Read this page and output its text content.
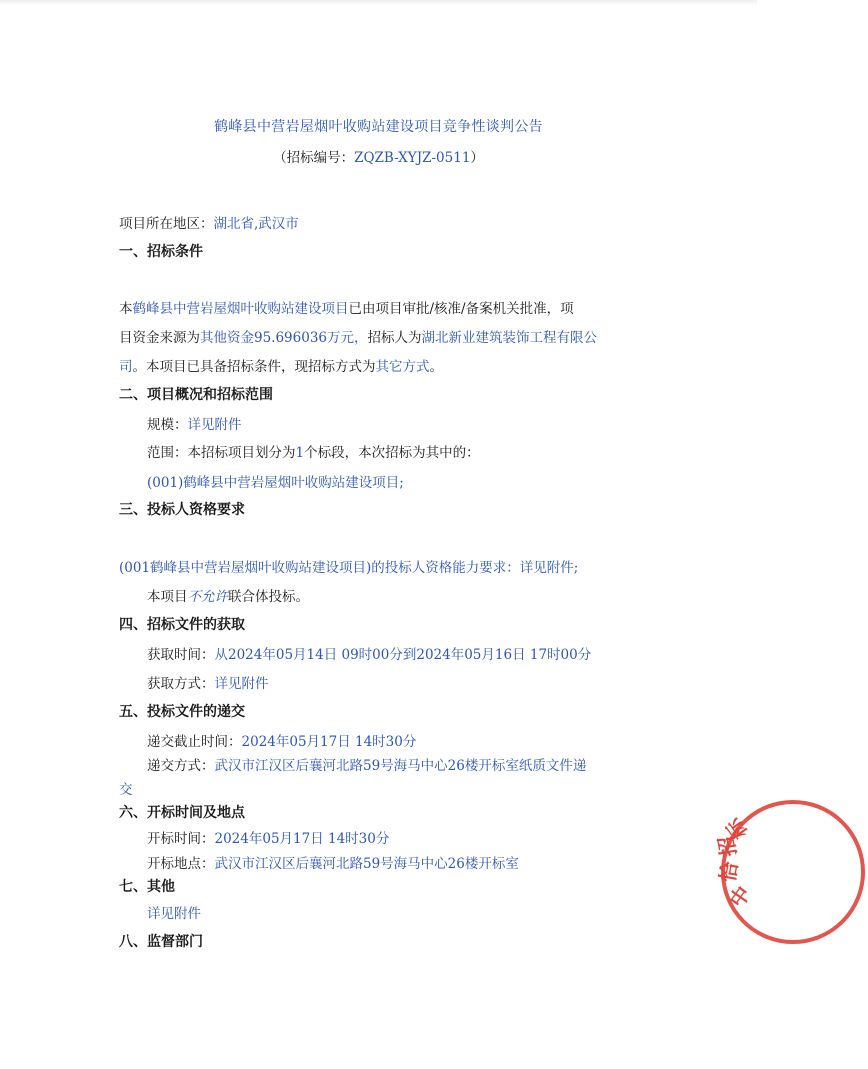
鹤峰县中营岩屋烟叶收购站建设项目竞争性谈判公告
（招标编号：ZQZB-XYJZ-0511）
项目所在地区：湖北省,武汉市
一、招标条件
本鹤峰县中营岩屋烟叶收购站建设项目已由项目审批/核准/备案机关批准，项
目资金来源为其他资金95.696036万元，招标人为湖北新业建筑装饰工程有限公
司。本项目已具备招标条件，现招标方式为其它方式。
二、项目概况和招标范围
规模：详见附件
范围：本招标项目划分为1个标段，本次招标为其中的：
(001)鹤峰县中营岩屋烟叶收购站建设项目;
三、投标人资格要求
(001鹤峰县中营岩屋烟叶收购站建设项目)的投标人资格能力要求：详见附件;
本项目不允许联合体投标。
四、招标文件的获取
获取时间：从2024年05月14日 09时00分到2024年05月16日 17时00分
获取方式：详见附件
五、投标文件的递交
递交截止时间：2024年05月17日 14时30分
递交方式：武汉市江汉区后襄河北路59号海马中心26楼开标室纸质文件递
交
六、开标时间及地点
开标时间：2024年05月17日 14时30分
开标地点：武汉市江汉区后襄河北路59号海马中心26楼开标室
七、其他
详见附件
八、监督部门
中
恰
招
标
